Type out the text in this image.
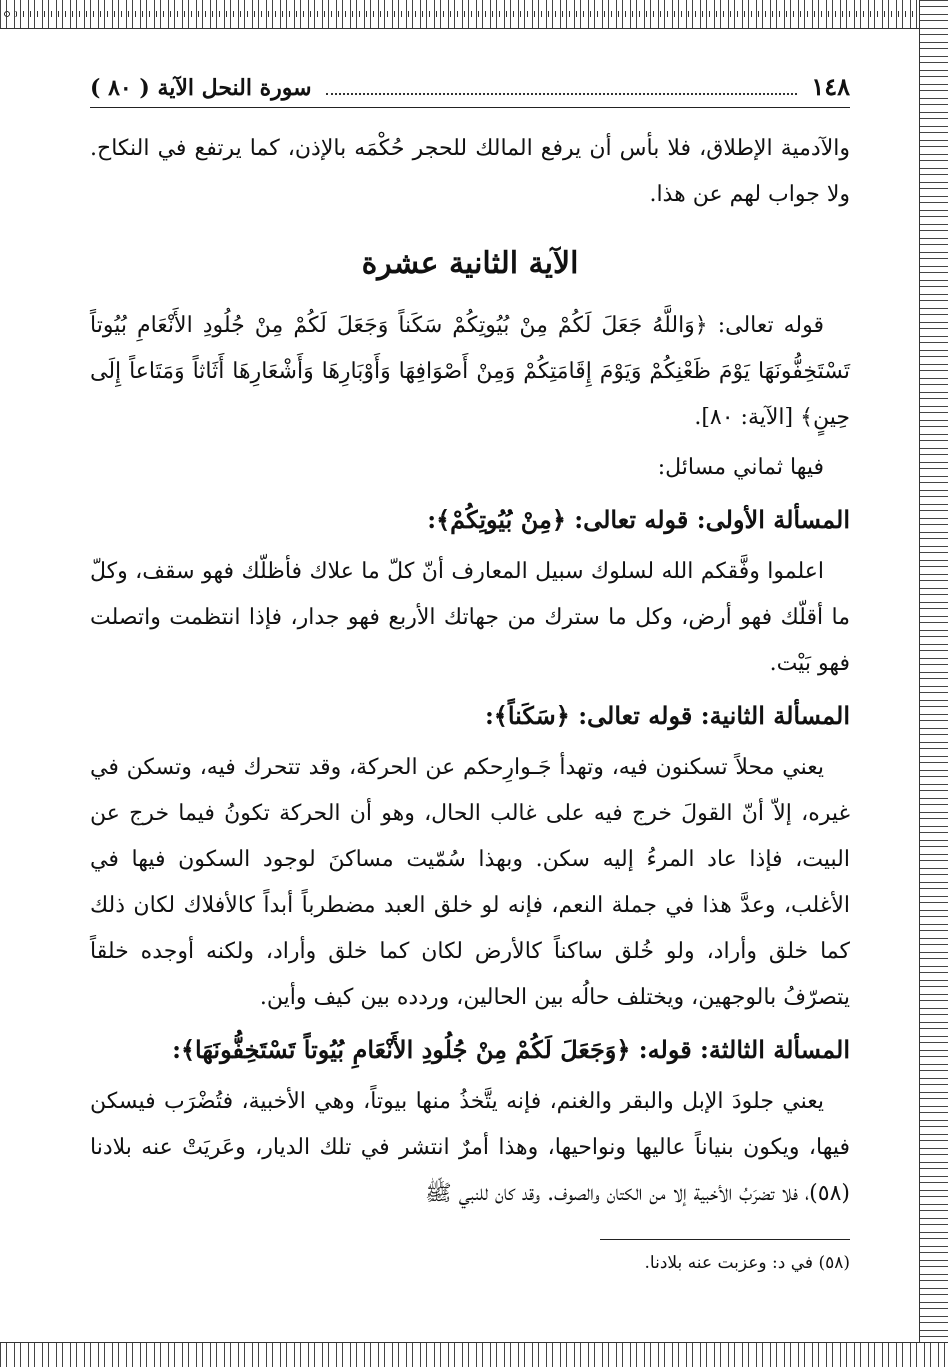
١٤٨
سورة النحل الآية ( ٨٠ )

والآدمية الإطلاق، فلا بأس أن يرفع المالك للحجر حُكْمَه بالإذن، كما يرتفع في النكاح. ولا جواب لهم عن هذا.

الآية الثانية عشرة

قوله تعالى: ﴿وَاللَّهُ جَعَلَ لَكُمْ مِنْ بُيُوتِكُمْ سَكَناً وَجَعَلَ لَكُمْ مِنْ جُلُودِ الأَنْعَامِ بُيُوتاً تَسْتَخِفُّونَهَا يَوْمَ ظَعْنِكُمْ وَيَوْمَ إِقَامَتِكُمْ وَمِنْ أَصْوَافِهَا وَأَوْبَارِهَا وَأَشْعَارِهَا أَثَاثاً وَمَتَاعاً إِلَى حِينٍ﴾ [الآية: ٨٠].

فيها ثماني مسائل:

المسألة الأولى: قوله تعالى: ﴿مِنْ بُيُوتِكُمْ﴾:

اعلموا وفَّقكم الله لسلوك سبيل المعارف أنّ كلّ ما علاك فأظلّك فهو سقف، وكلّ ما أقلّك فهو أرض، وكل ما سترك من جهاتك الأربع فهو جدار، فإذا انتظمت واتصلت فهو بَيْت.

المسألة الثانية: قوله تعالى: ﴿سَكَناً﴾:

يعني محلاً تسكنون فيه، وتهدأ جَـوارِحكم عن الحركة، وقد تتحرك فيه، وتسكن في غيره، إلاّ أنّ القولَ خرج فيه على غالب الحال، وهو أن الحركة تكونُ فيما خرج عن البيت، فإذا عاد المرءُ إليه سكن. وبهذا سُمّيت مساكنَ لوجود السكون فيها في الأغلب، وعدَّ هذا في جملة النعم، فإنه لو خلق العبد مضطرباً أبداً كالأفلاك لكان ذلك كما خلق وأراد، ولو خُلق ساكناً كالأرض لكان كما خلق وأراد، ولكنه أوجده خلقاً يتصرّفُ بالوجهين، ويختلف حالُه بين الحالين، وردده بين كيف وأين.

المسألة الثالثة: قوله: ﴿وَجَعَلَ لَكُمْ مِنْ جُلُودِ الأَنْعَامِ بُيُوتاً تَسْتَخِفُّونَهَا﴾:

يعني جلودَ الإبل والبقر والغنم، فإنه يتَّخذُ منها بيوتاً، وهي الأخبية، فتُضْرَب فيسكن فيها، ويكون بنياناً عاليها ونواحيها، وهذا أمرٌ انتشر في تلك الديار، وعَريَتْ عنه بلادنا (٥٨)، فلا تضرَبُ الأخبية إلا من الكتان والصوف. وقد كان للنبي ﷺ

(٥٨) في د: وعزبت عنه بلادنا.
